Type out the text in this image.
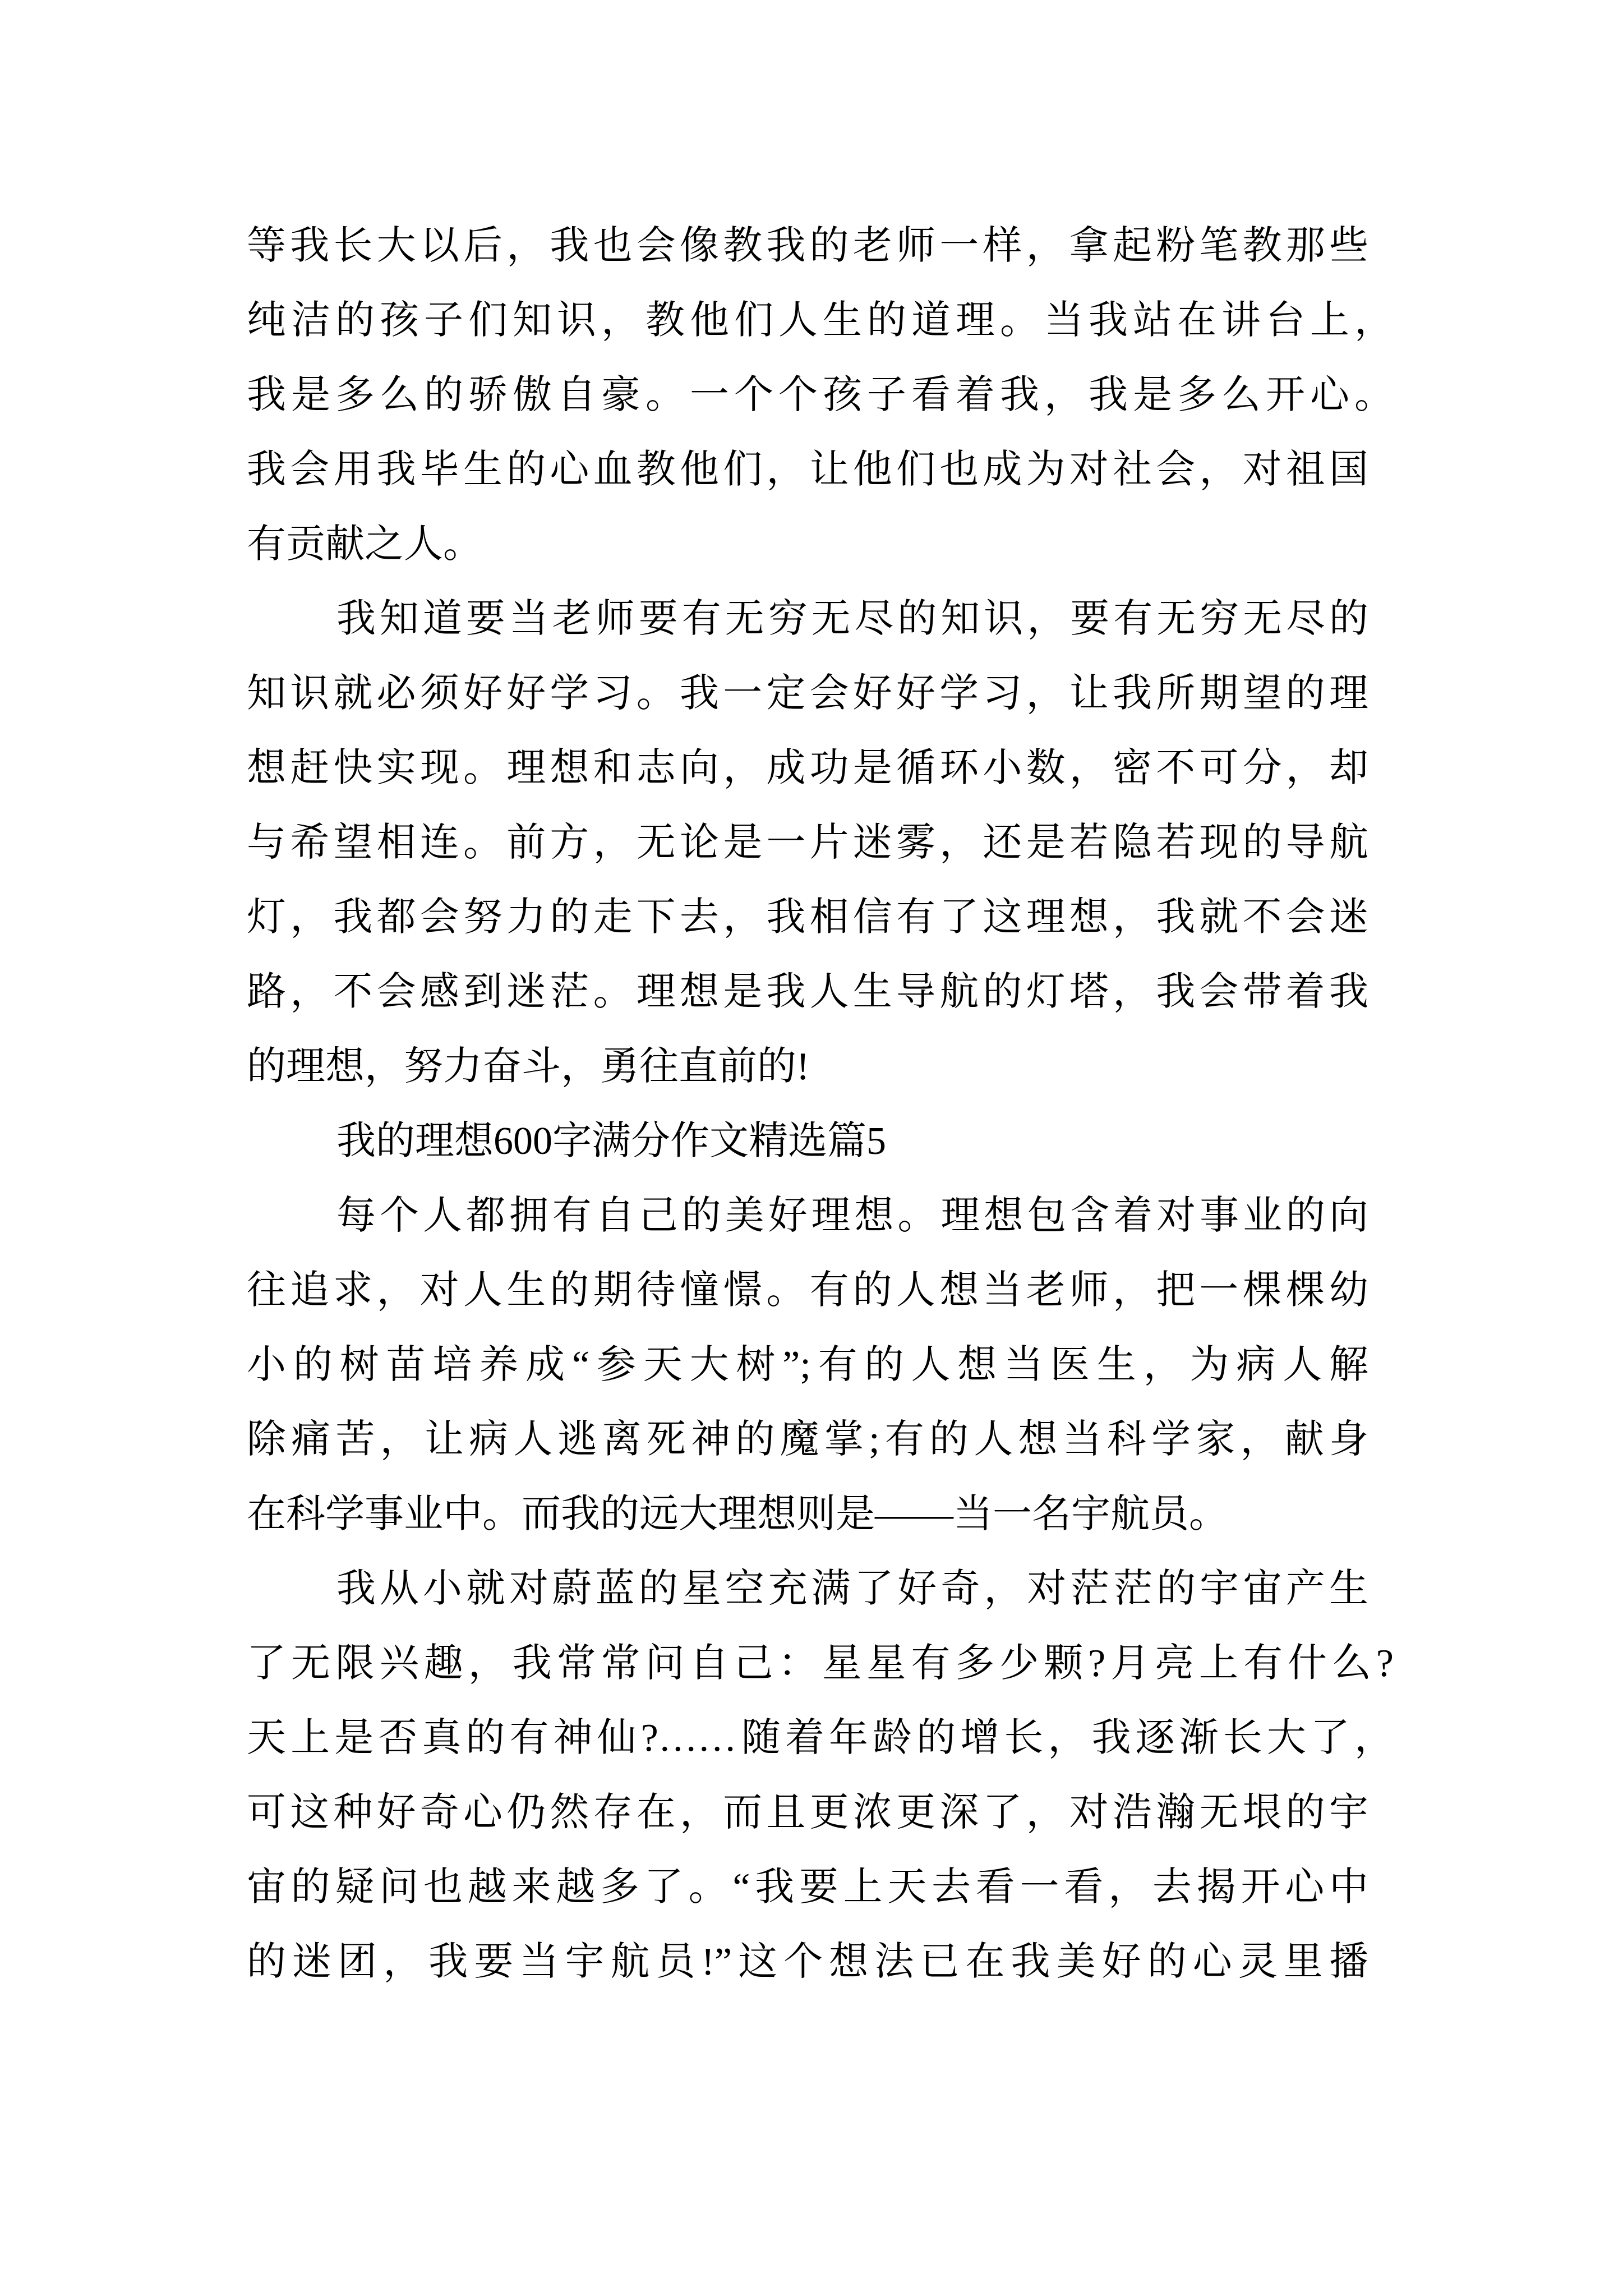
等我长大以后，我也会像教我的老师一样，拿起粉笔教那些
纯洁的孩子们知识，教他们人生的道理。当我站在讲台上，
我是多么的骄傲自豪。一个个孩子看着我，我是多么开心。
我会用我毕生的心血教他们，让他们也成为对社会，对祖国
有贡献之人。
我知道要当老师要有无穷无尽的知识，要有无穷无尽的
知识就必须好好学习。我一定会好好学习，让我所期望的理
想赶快实现。理想和志向，成功是循环小数，密不可分，却
与希望相连。前方，无论是一片迷雾，还是若隐若现的导航
灯，我都会努力的走下去，我相信有了这理想，我就不会迷
路，不会感到迷茫。理想是我人生导航的灯塔，我会带着我
的理想，努力奋斗，勇往直前的!
我的理想600字满分作文精选篇5
每个人都拥有自己的美好理想。理想包含着对事业的向
往追求，对人生的期待憧憬。有的人想当老师，把一棵棵幼
小的树苗培养成“参天大树”;有的人想当医生，为病人解
除痛苦，让病人逃离死神的魔掌;有的人想当科学家，献身
在科学事业中。而我的远大理想则是——当一名宇航员。
我从小就对蔚蓝的星空充满了好奇，对茫茫的宇宙产生
了无限兴趣，我常常问自己：星星有多少颗?月亮上有什么?
天上是否真的有神仙?……随着年龄的增长，我逐渐长大了，
可这种好奇心仍然存在，而且更浓更深了，对浩瀚无垠的宇
宙的疑问也越来越多了。“我要上天去看一看，去揭开心中
的迷团，我要当宇航员!”这个想法已在我美好的心灵里播
